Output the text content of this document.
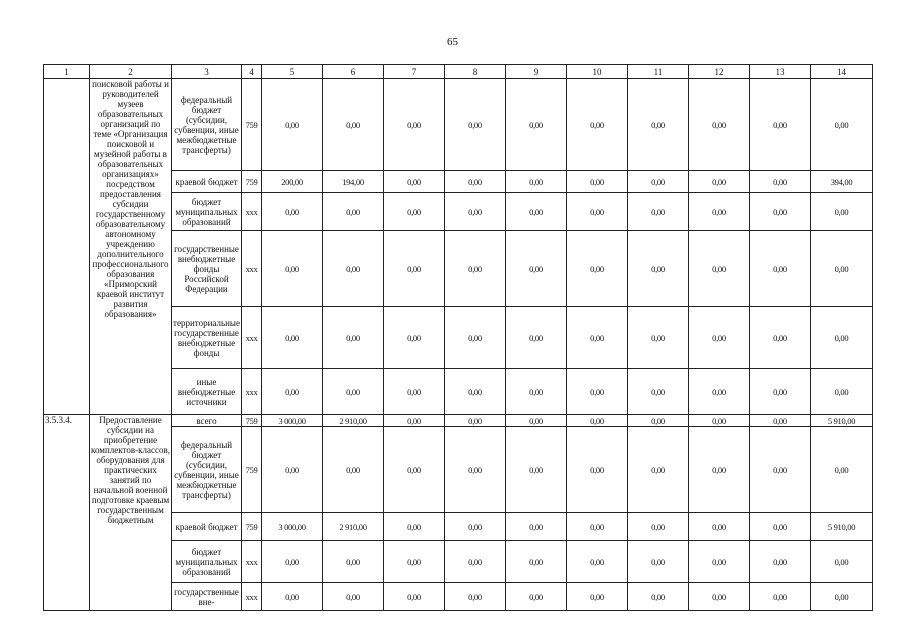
65
1	2	3	4	5	6	7	8	9	10	11	12	13	14
	поисковой работы и руководителей музеев образовательных организаций по теме «Организация поисковой и музейной работы в образовательных организациях» посредством предоставления субсидии государственному образовательному автономному учреждению дополнительного профессионального образования «Приморский краевой институт развития образования»	федеральный бюджет (субсидии, субвенции, иные межбюджетные трансферты)	759	0,00	0,00	0,00	0,00	0,00	0,00	0,00	0,00	0,00	0,00
		краевой бюджет	759	200,00	194,00	0,00	0,00	0,00	0,00	0,00	0,00	0,00	394,00
		бюджет муниципальных образований	ххх	0,00	0,00	0,00	0,00	0,00	0,00	0,00	0,00	0,00	0,00
		государственные внебюджетные фонды Российской Федерации	ххх	0,00	0,00	0,00	0,00	0,00	0,00	0,00	0,00	0,00	0,00
		территориальные государственные внебюджетные фонды	ххх	0,00	0,00	0,00	0,00	0,00	0,00	0,00	0,00	0,00	0,00
		иные внебюджетные источники	ххх	0,00	0,00	0,00	0,00	0,00	0,00	0,00	0,00	0,00	0,00
3.5.3.4.	Предоставление субсидии на приобретение комплектов-классов, оборудования для практических занятий по начальной военной подготовке краевым государственным бюджетным	всего	759	3 000,00	2 910,00	0,00	0,00	0,00	0,00	0,00	0,00	0,00	5 910,00
		федеральный бюджет (субсидии, субвенции, иные межбюджетные трансферты)	759	0,00	0,00	0,00	0,00	0,00	0,00	0,00	0,00	0,00	0,00
		краевой бюджет	759	3 000,00	2 910,00	0,00	0,00	0,00	0,00	0,00	0,00	0,00	5 910,00
		бюджет муниципальных образований	ххх	0,00	0,00	0,00	0,00	0,00	0,00	0,00	0,00	0,00	0,00
		государственные вне-	ххх	0,00	0,00	0,00	0,00	0,00	0,00	0,00	0,00	0,00	0,00
